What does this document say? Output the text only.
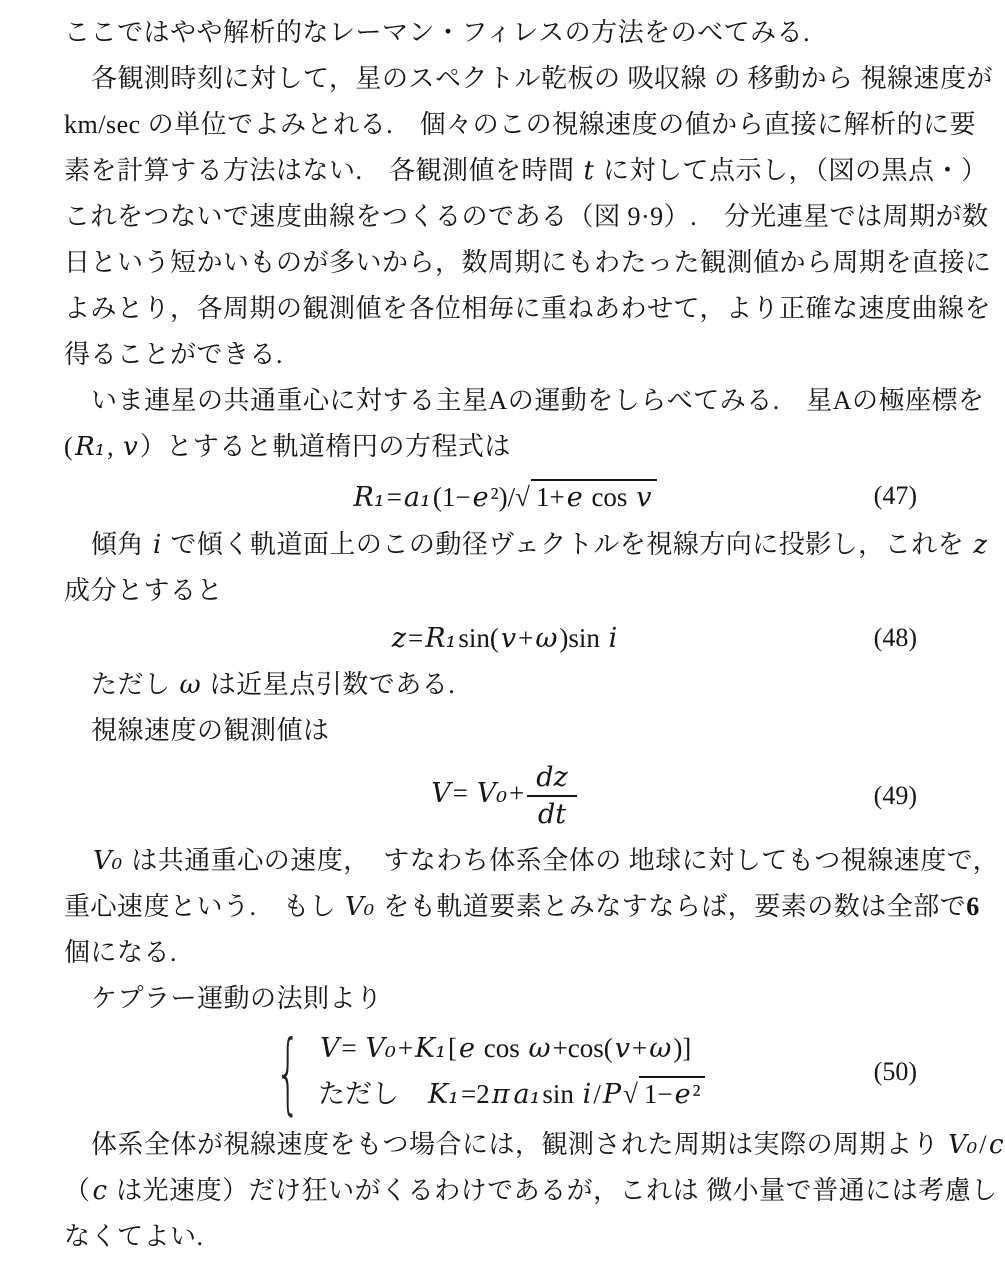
ここではやや解析的なレーマン・フィレスの方法をのべてみる.
各観測時刻に対して，星のスペクトル乾板の 吸収線 の 移動から 視線速度が
km/sec の単位でよみとれる.　個々のこの視線速度の値から直接に解析的に要
素を計算する方法はない.　各観測値を時間 t に対して点示し，（図の黒点・）
これをつないで速度曲線をつくるのである（図 9·9）.　分光連星では周期が数
日という短かいものが多いから，数周期にもわたった観測値から周期を直接に
よみとり，各周期の観測値を各位相毎に重ねあわせて，より正確な速度曲線を
得ることができる.
いま連星の共通重心に対する主星Aの運動をしらべてみる.　星Aの極座標を
(R₁, v）とすると軌道楕円の方程式は
R₁=a₁(1−e²)/√ 1+e cos v	(47)
傾角 i で傾く軌道面上のこの動径ヴェクトルを視線方向に投影し，これを z
成分とすると
z=R₁sin(v+ω)sin i	(48)
ただし ω は近星点引数である.
視線速度の観測値は
$V= V_0+ \frac{dz}{dt}$	(49)
V₀ は共通重心の速度，　すなわち体系全体の 地球に対してもつ視線速度で，
重心速度という.　もし V₀ をも軌道要素とみなすならば，要素の数は全部で6
個になる.
ケプラー運動の法則より
{ V= V₀+K₁[e cos ω+cos(v+ω)]
ただし　K₁=2π a₁sin i/P√ 1−e²
(50)
体系全体が視線速度をもつ場合には，観測された周期は実際の周期より V₀/c
（c は光速度）だけ狂いがくるわけであるが，これは 微小量で普通には考慮し
なくてよい.
